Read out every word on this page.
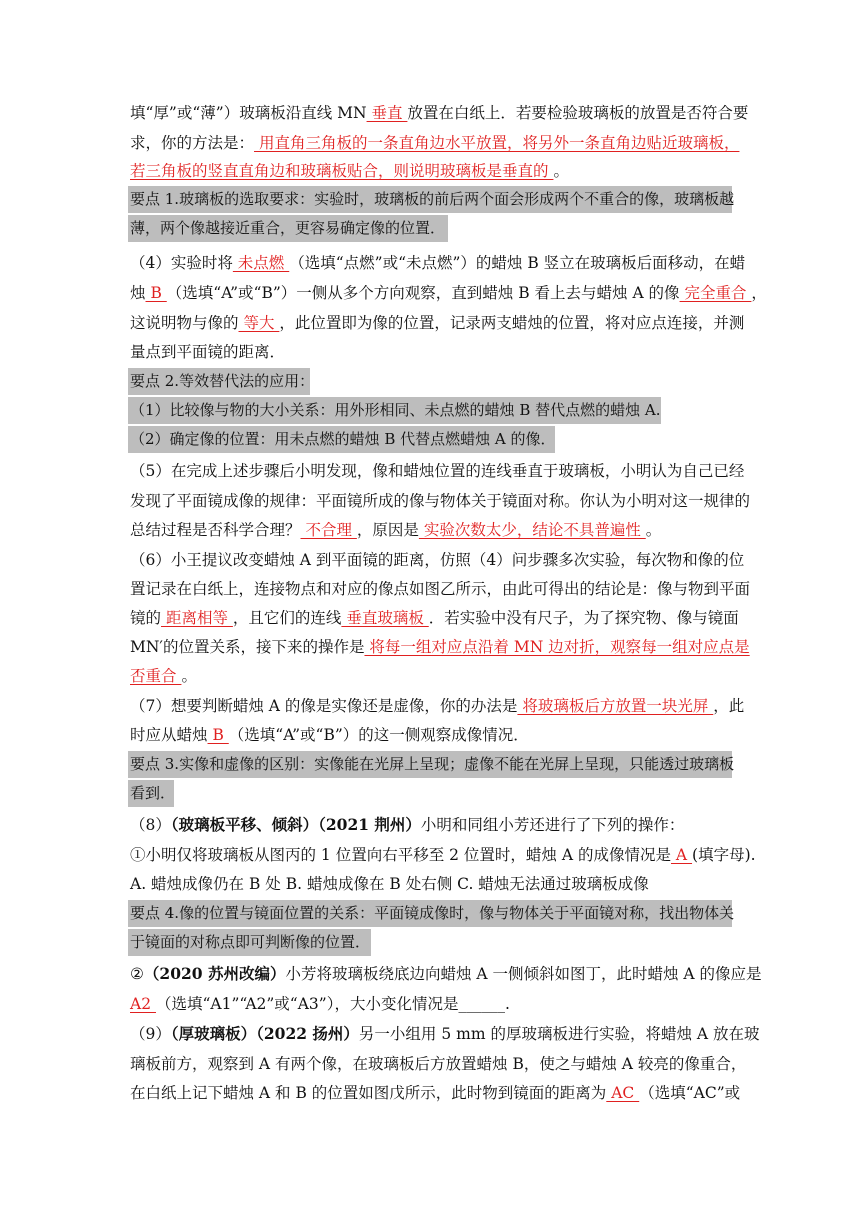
填“厚”或“薄”）玻璃板沿直线 MN 垂直 放置在白纸上．若要检验玻璃板的放置是否符合要
求，你的方法是： 用直角三角板的一条直角边水平放置，将另外一条直角边贴近玻璃板，
若三角板的竖直直角边和玻璃板贴合，则说明玻璃板是垂直的 。
要点 1.玻璃板的选取要求：实验时，玻璃板的前后两个面会形成两个不重合的像，玻璃板越
薄，两个像越接近重合，更容易确定像的位置．
（4）实验时将 未点燃 （选填“点燃”或“未点燃”）的蜡烛 B 竖立在玻璃板后面移动，在蜡
烛 B （选填“A”或“B”）一侧从多个方向观察，直到蜡烛 B 看上去与蜡烛 A 的像 完全重合 ，
这说明物与像的 等大 ，此位置即为像的位置，记录两支蜡烛的位置，将对应点连接，并测
量点到平面镜的距离．
要点 2.等效替代法的应用：
（1）比较像与物的大小关系：用外形相同、未点燃的蜡烛 B 替代点燃的蜡烛 A.
（2）确定像的位置：用未点燃的蜡烛 B 代替点燃蜡烛 A 的像．
（5）在完成上述步骤后小明发现，像和蜡烛位置的连线垂直于玻璃板，小明认为自己已经
发现了平面镜成像的规律：平面镜所成的像与物体关于镜面对称。你认为小明对这一规律的
总结过程是否科学合理？ 不合理 ，原因是 实验次数太少，结论不具普遍性 。
（6）小王提议改变蜡烛 A 到平面镜的距离，仿照（4）问步骤多次实验，每次物和像的位
置记录在白纸上，连接物点和对应的像点如图乙所示，由此可得出的结论是：像与物到平面
镜的 距离相等 ，且它们的连线 垂直玻璃板 ．若实验中没有尺子，为了探究物、像与镜面
MN′的位置关系，接下来的操作是 将每一组对应点沿着 MN 边对折，观察每一组对应点是
否重合 。
（7）想要判断蜡烛 A 的像是实像还是虚像，你的办法是 将玻璃板后方放置一块光屏 ，此
时应从蜡烛 B （选填“A”或“B”）的这一侧观察成像情况．
要点 3.实像和虚像的区别：实像能在光屏上呈现；虚像不能在光屏上呈现，只能透过玻璃板
看到．
（8）（玻璃板平移、倾斜）（2021 荆州）小明和同组小芳还进行了下列的操作：
①小明仅将玻璃板从图丙的 1 位置向右平移至 2 位置时，蜡烛 A 的成像情况是 A (填字母).
A. 蜡烛成像仍在 B 处 B. 蜡烛成像在 B 处右侧 C. 蜡烛无法通过玻璃板成像
要点 4.像的位置与镜面位置的关系：平面镜成像时，像与物体关于平面镜对称，找出物体关
于镜面的对称点即可判断像的位置．
②（2020 苏州改编）小芳将玻璃板绕底边向蜡烛 A 一侧倾斜如图丁，此时蜡烛 A 的像应是
A2 （选填“A1”“A2”或“A3”），大小变化情况是______.
（9）（厚玻璃板）（2022 扬州）另一小组用 5 mm 的厚玻璃板进行实验，将蜡烛 A 放在玻
璃板前方，观察到 A 有两个像，在玻璃板后方放置蜡烛 B，使之与蜡烛 A 较亮的像重合，
在白纸上记下蜡烛 A 和 B 的位置如图戊所示，此时物到镜面的距离为 AC （选填“AC”或
